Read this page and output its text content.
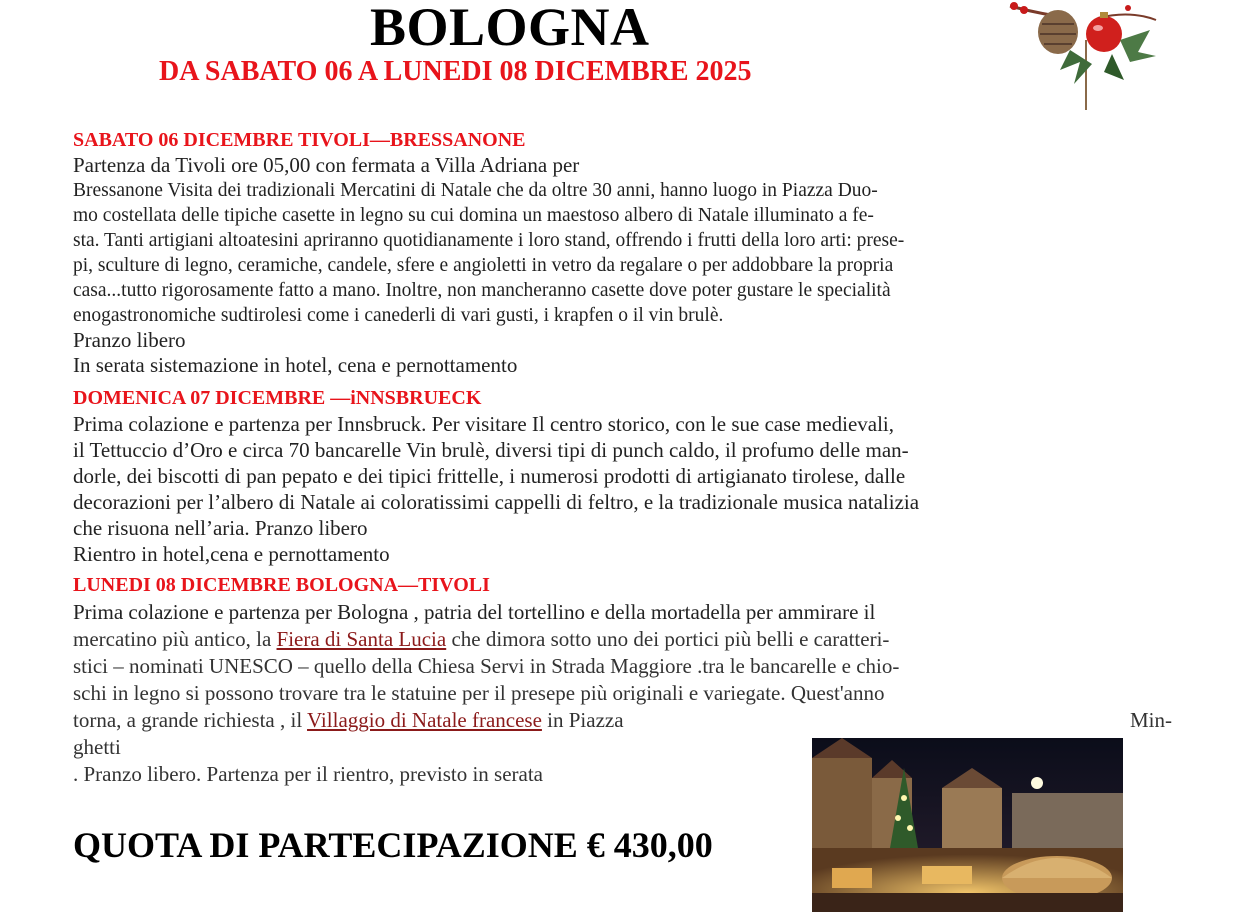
BOLOGNA
DA SABATO 06 A LUNEDI 08 DICEMBRE 2025
SABATO 06 DICEMBRE TIVOLI—BRESSANONE
Partenza da Tivoli ore 05,00 con fermata a Villa Adriana per
Bressanone Visita dei tradizionali Mercatini di Natale che da oltre 30 anni, hanno luogo in Piazza Duo-
mo costellata delle tipiche casette in legno su cui domina un maestoso albero di Natale illuminato a fe-
sta. Tanti artigiani altoatesini apriranno quotidianamente i loro stand, offrendo i frutti della loro arti: prese-
pi, sculture di legno, ceramiche, candele, sfere e angioletti in vetro da regalare o per addobbare la propria
casa...tutto rigorosamente fatto a mano. Inoltre, non mancheranno casette dove poter gustare le specialità
enogastronomiche sudtirolesi come i canederli di vari gusti, i krapfen o il vin brulè.
Pranzo libero
In serata sistemazione in hotel, cena e pernottamento
DOMENICA 07 DICEMBRE —iNNSBRUECK
Prima colazione e partenza per Innsbruck. Per visitare Il centro storico, con le sue case medievali,
il Tettuccio d’Oro e circa 70 bancarelle Vin brulè, diversi tipi di punch caldo, il profumo delle man-
dorle, dei biscotti di pan pepato e dei tipici frittelle, i numerosi prodotti di artigianato tirolese, dalle
decorazioni per l’albero di Natale ai coloratissimi cappelli di feltro, e la tradizionale musica natalizia
che risuona nell’aria. Pranzo libero
Rientro in hotel,cena e pernottamento
LUNEDI 08 DICEMBRE BOLOGNA—TIVOLI
Prima colazione e partenza per Bologna , patria del tortellino e della mortadella per ammirare il
mercatino più antico, la Fiera di Santa Lucia che dimora sotto uno dei portici più belli e caratteri-
stici – nominati UNESCO – quello della Chiesa Servi in Strada Maggiore .tra le bancarelle e chio-
schi in legno si possono trovare tra le statuine per il presepe più originali e variegate. Quest'anno
torna, a grande richiesta , il Villaggio di Natale francese in Piazza	Min-
ghetti
. Pranzo libero. Partenza per il rientro, previsto in serata
QUOTA DI PARTECIPAZIONE € 430,00
